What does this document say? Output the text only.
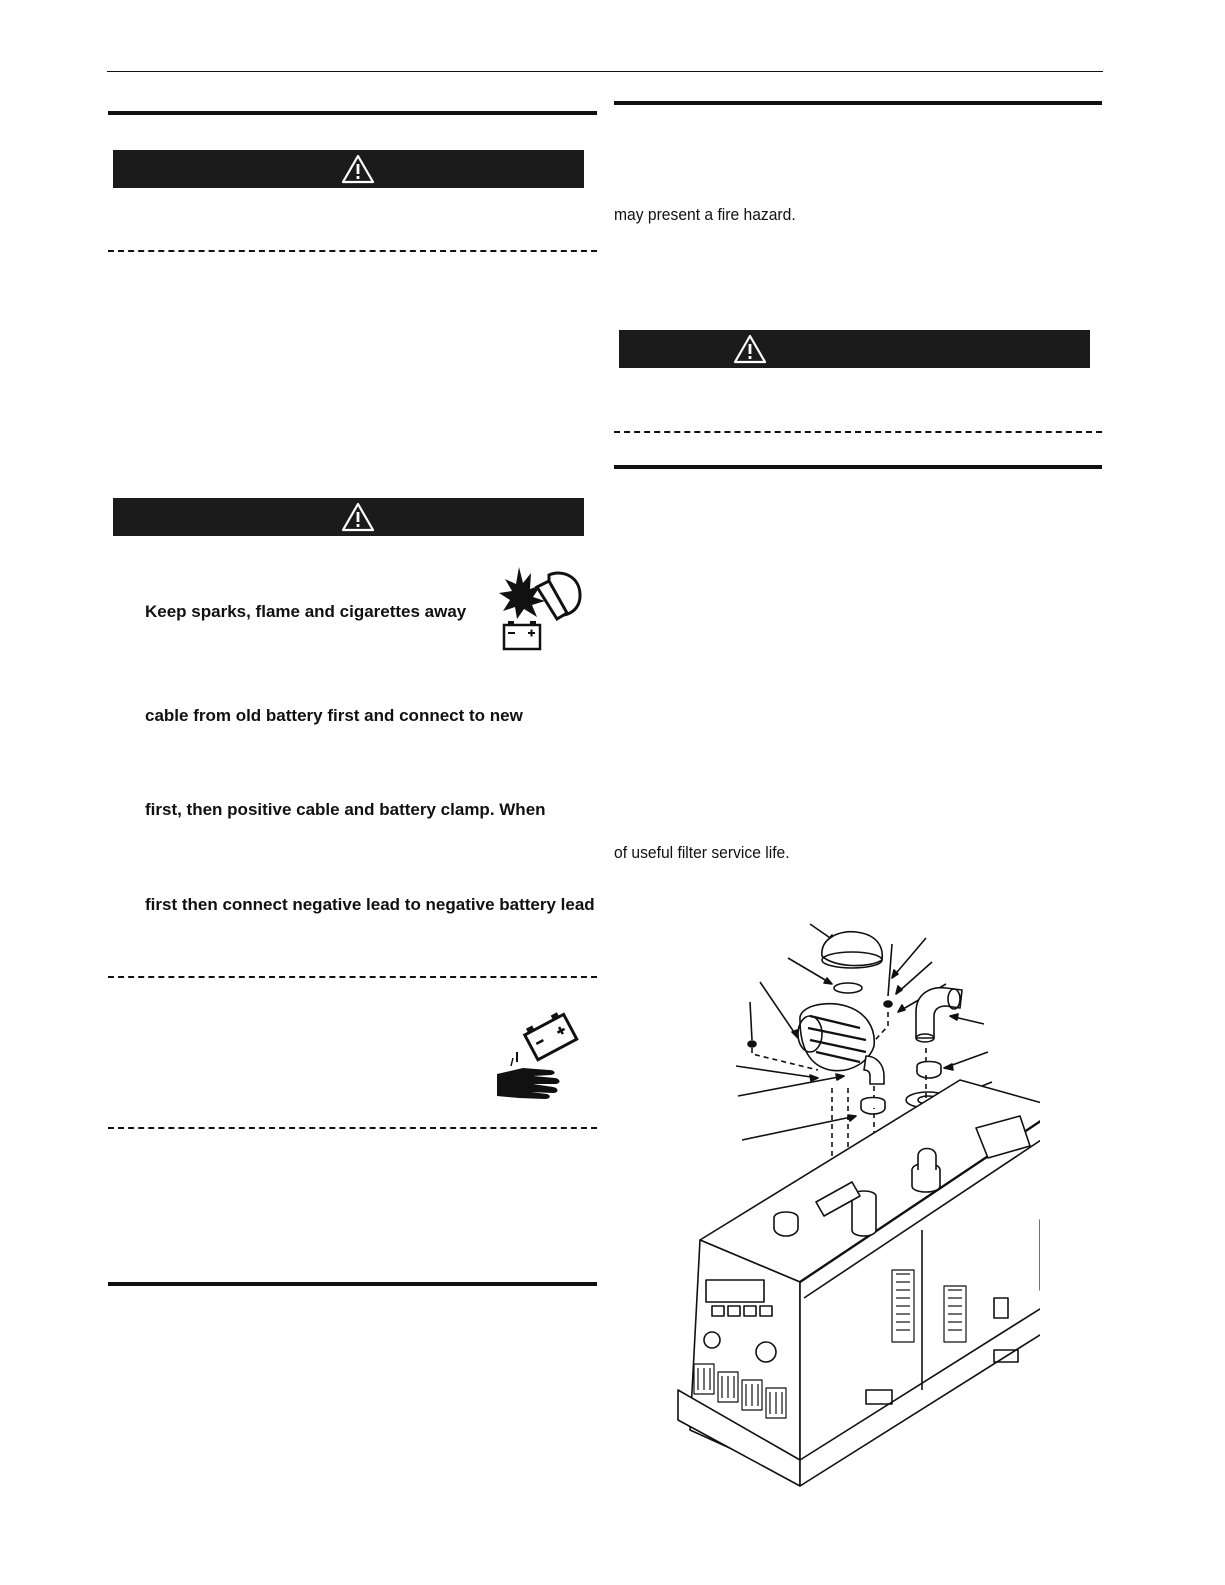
Keep sparks, flame and cigarettes away
cable from old battery first and connect to new
first, then positive cable and battery clamp. When
first then connect negative lead to negative battery lead
may present a fire hazard.
of useful filter service life.
